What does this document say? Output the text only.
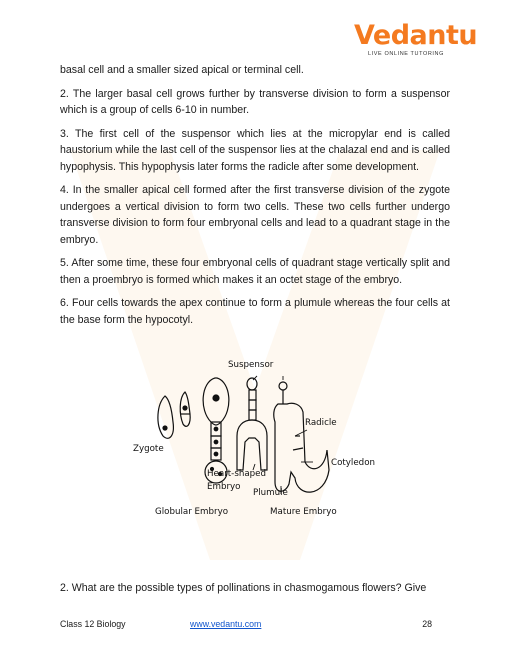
Vedantu
LIVE ONLINE TUTORING

basal cell and a smaller sized apical or terminal cell.

2. The larger basal cell grows further by transverse division to form a suspensor which is a group of cells 6-10 in number.

3. The first cell of the suspensor which lies at the micropylar end is called haustorium while the last cell of the suspensor lies at the chalazal end and is called hypophysis. This hypophysis later forms the radicle after some development.

4. In the smaller apical cell formed after the first transverse division of the zygote undergoes a vertical division to form two cells. These two cells further undergo transverse division to form four embryonal cells and lead to a quadrant stage in the embryo.

5. After some time, these four embryonal cells of quadrant stage vertically split and then a proembryo is formed which makes it an octet stage of the embryo.

6. Four cells towards the apex continue to form a plumule whereas the four cells at the base form the hypocotyl.

Suspensor
Radicle
Zygote
Cotyledon
Heart-shaped
Embryo
Plumule
Globular Embryo	Mature Embryo
2. What are the possible types of pollinations in chasmogamous flowers? Give
Class 12 Biology	www.vedantu.com	28
